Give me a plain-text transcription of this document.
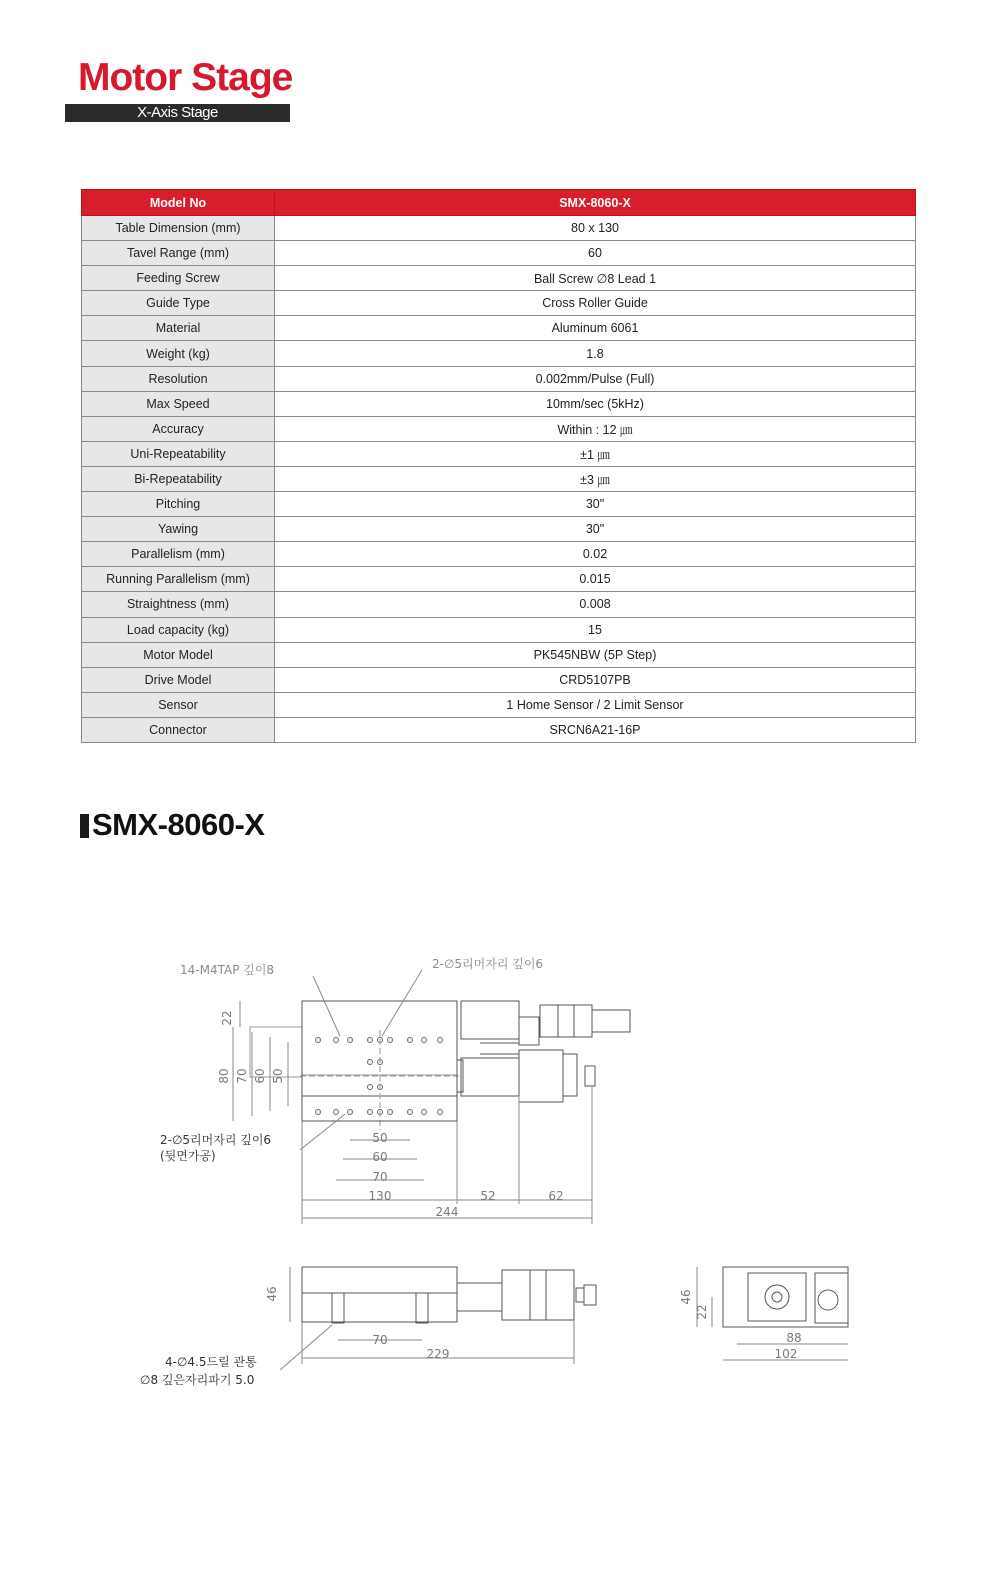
Motor Stage
X-Axis Stage
Model No	SMX-8060-X
Table Dimension (mm)	80 x 130
Tavel Range (mm)	60
Feeding Screw	Ball Screw ∅8 Lead 1
Guide Type	Cross Roller Guide
Material	Aluminum 6061
Weight (kg)	1.8
Resolution	0.002mm/Pulse (Full)
Max Speed	10mm/sec (5kHz)
Accuracy	Within : 12 ㎛
Uni-Repeatability	±1 ㎛
Bi-Repeatability	±3 ㎛
Pitching	30"
Yawing	30"
Parallelism (mm)	0.02
Running Parallelism (mm)	0.015
Straightness (mm)	0.008
Load capacity (kg)	15
Motor Model	PK545NBW (5P Step)
Drive Model	CRD5107PB
Sensor	1 Home Sensor / 2 Limit Sensor
Connector	SRCN6A21-16P
SMX-8060-X
14-M4TAP 깊이8	2-∅5리머자리 깊이6
2-∅5리머자리 깊이6
(뒷면가공)
4-∅4.5드릴 관통
∅8 깊은자리파기 5.0
22
80 70 60 50
50
60
70
130	52	62
244
46
70
229
46
22
88
102
